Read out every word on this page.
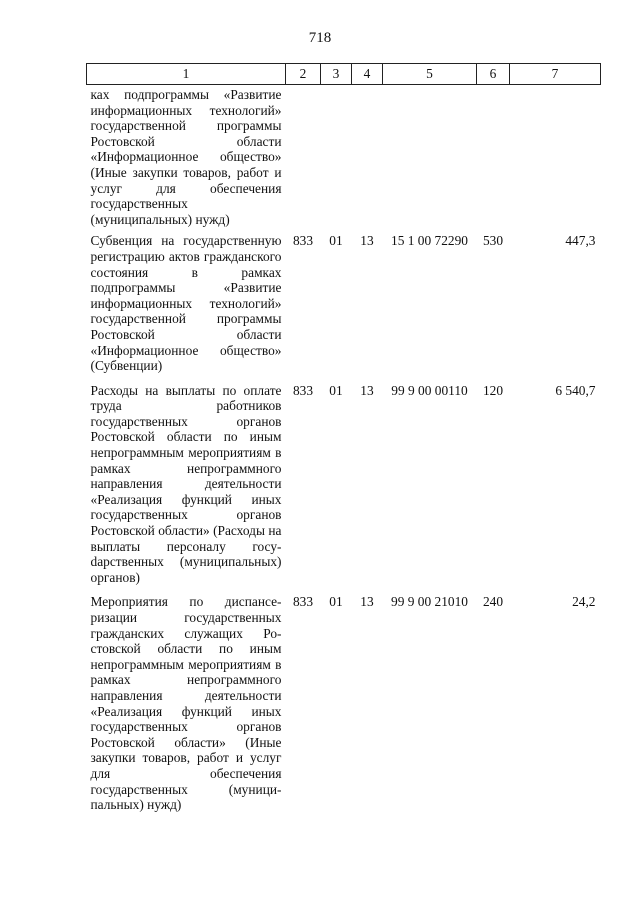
718
1	2	3	4	5	6	7
ках подпрограммы «Развитие информационных технологий» государственной программы Ростовской области «Информационное общество» (Иные закупки товаров, работ и услуг для обеспечения государственных (муниципальных) нужд)						
Субвенция на государственную регистрацию актов гражданского состояния в рамках подпрограммы «Развитие информационных технологий» государственной программы Ростовской области «Информационное общество» (Субвенции)	833	01	13	15 1 00 72290	530	447,3
Расходы на выплаты по оплате труда работников государственных органов Ростовской области по иным непрограммным мероприятиям в рамках непрограммного направления деятельности «Реализация функций иных государственных органов Ростовской области» (Расходы на выплаты персоналу госуdарственных (муниципальных) органов)	833	01	13	99 9 00 00110	120	6 540,7
Мероприятия по диспансеризации государственных гражданских служащих Ростовской области по иным непрограммным мероприятиям в рамках непрограммного направления деятельности «Реализация функций иных государственных органов Ростовской области» (Иные закупки товаров, работ и услуг для обеспечения государственных (муниципальных) нужд)	833	01	13	99 9 00 21010	240	24,2
